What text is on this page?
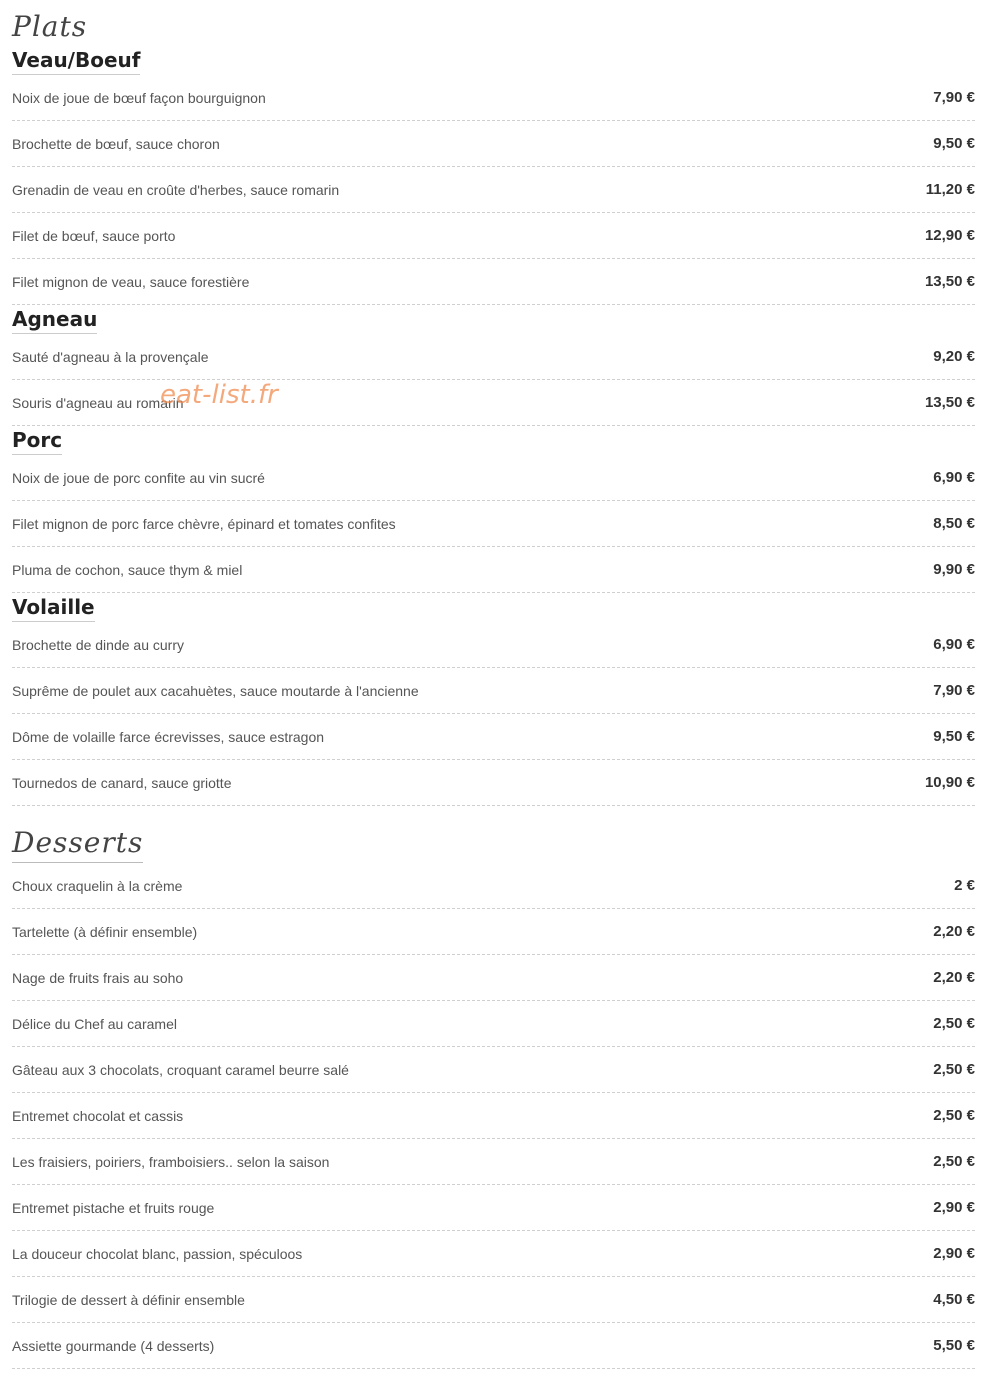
Plats
Veau/Boeuf
Noix de joue de bœuf façon bourguignon	7,90 €
Brochette de bœuf, sauce choron	9,50 €
Grenadin de veau en croûte d'herbes, sauce romarin	11,20 €
Filet de bœuf, sauce porto	12,90 €
Filet mignon de veau, sauce forestière	13,50 €
Agneau
Sauté d'agneau à la provençale	9,20 €
Souris d'agneau au romarin	13,50 €
Porc
Noix de joue de porc confite au vin sucré	6,90 €
Filet mignon de porc farce chèvre, épinard et tomates confites	8,50 €
Pluma de cochon, sauce thym & miel	9,90 €
Volaille
Brochette de dinde au curry	6,90 €
Suprême de poulet aux cacahuètes, sauce moutarde à l'ancienne	7,90 €
Dôme de volaille farce écrevisses, sauce estragon	9,50 €
Tournedos de canard, sauce griotte	10,90 €
Desserts
Choux craquelin à la crème	2 €
Tartelette (à définir ensemble)	2,20 €
Nage de fruits frais au soho	2,20 €
Délice du Chef au caramel	2,50 €
Gâteau aux 3 chocolats, croquant caramel beurre salé	2,50 €
Entremet chocolat et cassis	2,50 €
Les fraisiers, poiriers, framboisiers.. selon la saison	2,50 €
Entremet pistache et fruits rouge	2,90 €
La douceur chocolat blanc, passion, spéculoos	2,90 €
Trilogie de dessert à définir ensemble	4,50 €
Assiette gourmande (4 desserts)	5,50 €
eat-list.fr
